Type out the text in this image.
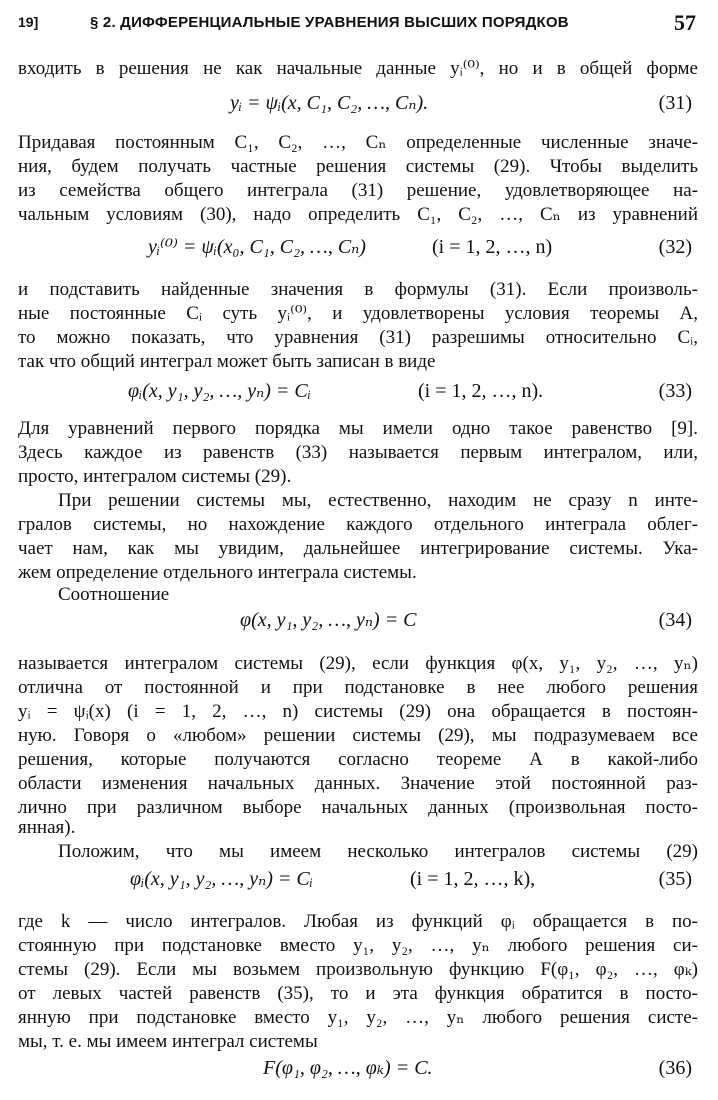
19]	§ 2. ДИФФЕРЕНЦИАЛЬНЫЕ УРАВНЕНИЯ ВЫСШИХ ПОРЯДКОВ	57
входить в решения не как начальные данные yᵢ⁽⁰⁾, но и в общей форме
yᵢ = ψᵢ(x, C₁, C₂, …, Cₙ).	(31)
Придавая постоянным C₁, C₂, …, Cₙ определенные численные значе-
ния, будем получать частные решения системы (29). Чтобы выделить
из семейства общего интеграла (31) решение, удовлетворяющее на-
чальным условиям (30), надо определить C₁, C₂, …, Cₙ из уравнений
yᵢ⁽⁰⁾ = ψᵢ(x₀, C₁, C₂, …, Cₙ)	(i = 1, 2, …, n)	(32)
и подставить найденные значения в формулы (31). Если произволь-
ные постоянные Cᵢ суть yᵢ⁽⁰⁾, и удовлетворены условия теоремы А,
то можно показать, что уравнения (31) разрешимы относительно Cᵢ,
так что общий интеграл может быть записан в виде
φᵢ(x, y₁, y₂, …, yₙ) = Cᵢ	(i = 1, 2, …, n).	(33)
Для уравнений первого порядка мы имели одно такое равенство [9].
Здесь каждое из равенств (33) называется первым интегралом, или,
просто, интегралом системы (29).
При решении системы мы, естественно, находим не сразу n инте-
гралов системы, но нахождение каждого отдельного интеграла облег-
чает нам, как мы увидим, дальнейшее интегрирование системы. Ука-
жем определение отдельного интеграла системы.
Соотношение
φ(x, y₁, y₂, …, yₙ) = C	(34)
называется интегралом системы (29), если функция φ(x, y₁, y₂, …, yₙ)
отлична от постоянной и при подстановке в нее любого решения
yᵢ = ψᵢ(x) (i = 1, 2, …, n) системы (29) она обращается в постоян-
ную. Говоря о «любом» решении системы (29), мы подразумеваем все
решения, которые получаются согласно теореме А в какой-либо
области изменения начальных данных. Значение этой постоянной раз-
лично при различном выборе начальных данных (произвольная посто-
янная).
Положим, что мы имеем несколько интегралов системы (29)
φᵢ(x, y₁, y₂, …, yₙ) = Cᵢ	(i = 1, 2, …, k),	(35)
где k — число интегралов. Любая из функций φᵢ обращается в по-
стоянную при подстановке вместо y₁, y₂, …, yₙ любого решения си-
стемы (29). Если мы возьмем произвольную функцию F(φ₁, φ₂, …, φₖ)
от левых частей равенств (35), то и эта функция обратится в посто-
янную при подстановке вместо y₁, y₂, …, yₙ любого решения систе-
мы, т. е. мы имеем интеграл системы
F(φ₁, φ₂, …, φₖ) = C.	(36)
